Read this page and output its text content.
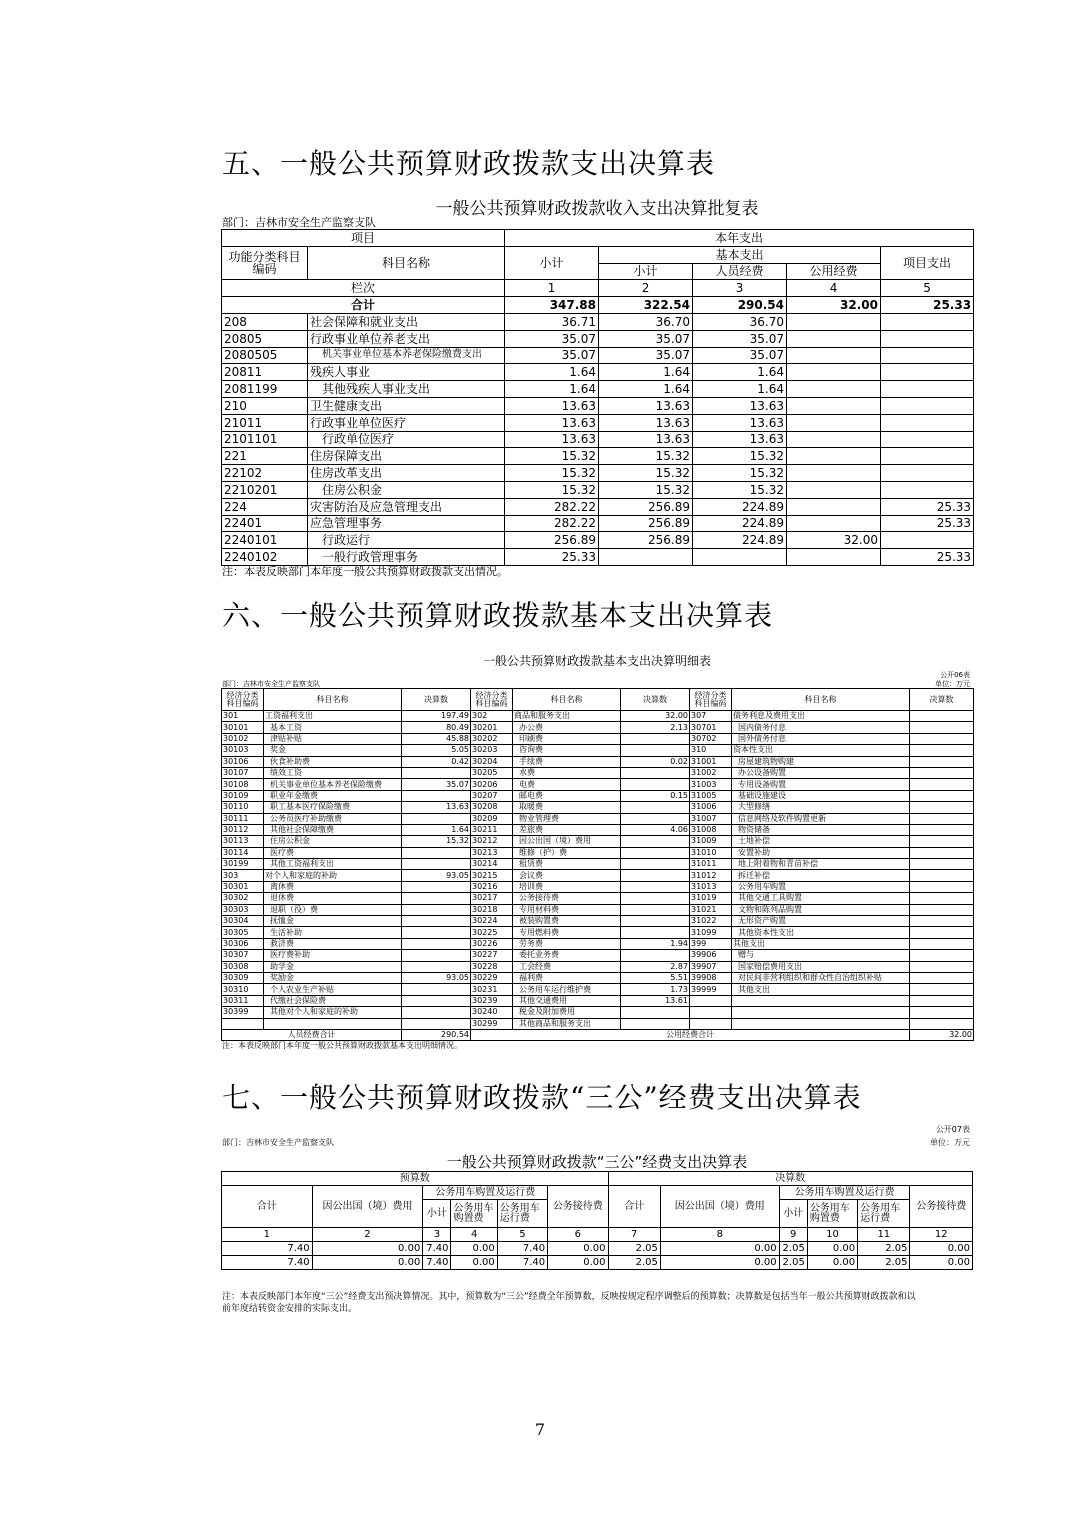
五、一般公共预算财政拨款支出决算表
一般公共预算财政拨款收入支出决算批复表
部门：吉林市安全生产监察支队
项目		本年支出				
功能分类科目编码	科目名称	小计	基本支出			项目支出
			小计	人员经费	公用经费	
栏次		1	2	3	4	5
合计		347.88	322.54	290.54	32.00	25.33
208	社会保障和就业支出	36.71	36.70	36.70		
20805	行政事业单位养老支出	35.07	35.07	35.07		
2080505	机关事业单位基本养老保险缴费支出	35.07	35.07	35.07		
20811	残疾人事业	1.64	1.64	1.64		
2081199	其他残疾人事业支出	1.64	1.64	1.64		
210	卫生健康支出	13.63	13.63	13.63		
21011	行政事业单位医疗	13.63	13.63	13.63		
2101101	行政单位医疗	13.63	13.63	13.63		
221	住房保障支出	15.32	15.32	15.32		
22102	住房改革支出	15.32	15.32	15.32		
2210201	住房公积金	15.32	15.32	15.32		
224	灾害防治及应急管理支出	282.22	256.89	224.89		25.33
22401	应急管理事务	282.22	256.89	224.89		25.33
2240101	行政运行	256.89	256.89	224.89	32.00	
2240102	一般行政管理事务	25.33				25.33
注：本表反映部门本年度一般公共预算财政拨款支出情况。
六、一般公共预算财政拨款基本支出决算表
一般公共预算财政拨款基本支出决算明细表
公开06表
单位：万元
部门：吉林市安全生产监察支队
经济分类科目编码	科目名称	决算数	经济分类科目编码	科目名称	决算数	经济分类科目编码	科目名称	决算数
301	工资福利支出	197.49	302	商品和服务支出	32.00	307	债务利息及费用支出	
30101	基本工资	80.49	30201	办公费	2.13	30701	国内债务付息	
30102	津贴补贴	45.88	30202	印刷费		30702	国外债务付息	
30103	奖金	5.05	30203	咨询费		310	资本性支出	
30106	伙食补助费	0.42	30204	手续费	0.02	31001	房屋建筑物购建	
30107	绩效工资		30205	水费		31002	办公设备购置	
30108	机关事业单位基本养老保险缴费	35.07	30206	电费		31003	专用设备购置	
30109	职业年金缴费		30207	邮电费	0.15	31005	基础设施建设	
30110	职工基本医疗保险缴费	13.63	30208	取暖费		31006	大型修缮	
30111	公务员医疗补助缴费		30209	物业管理费		31007	信息网络及软件购置更新	
30112	其他社会保障缴费	1.64	30211	差旅费	4.06	31008	物资储备	
30113	住房公积金	15.32	30212	因公出国（境）费用		31009	土地补偿	
30114	医疗费		30213	维修（护）费		31010	安置补助	
30199	其他工资福利支出		30214	租赁费		31011	地上附着物和青苗补偿	
303	对个人和家庭的补助	93.05	30215	会议费		31012	拆迁补偿	
30301	离休费		30216	培训费		31013	公务用车购置	
30302	退休费		30217	公务接待费		31019	其他交通工具购置	
30303	退职（役）费		30218	专用材料费		31021	文物和陈列品购置	
30304	抚恤金		30224	被装购置费		31022	无形资产购置	
30305	生活补助		30225	专用燃料费		31099	其他资本性支出	
30306	救济费		30226	劳务费	1.94	399	其他支出	
30307	医疗费补助		30227	委托业务费		39906	赠与	
30308	助学金		30228	工会经费	2.87	39907	国家赔偿费用支出	
30309	奖励金	93.05	30229	福利费	5.51	39908	对民间非营利组织和群众性自治组织补贴	
30310	个人农业生产补贴		30231	公务用车运行维护费	1.73	39999	其他支出	
30311	代缴社会保险费		30239	其他交通费用	13.61			
30399	其他对个人和家庭的补助		30240	税金及附加费用				
			30299	其他商品和服务支出				
人员经费合计		290.54	公用经费合计					32.00
注：本表反映部门本年度一般公共预算财政拨款基本支出明细情况。
七、一般公共预算财政拨款“三公”经费支出决算表
公开07表
部门：吉林市安全生产监察支队	单位：万元
一般公共预算财政拨款“三公”经费支出决算表
预算数						决算数					
合计	因公出国（境）费用	公务用车购置及运行费			公务接待费	合计	因公出国（境）费用	公务用车购置及运行费			公务接待费
		小计	公务用车购置费	公务用车运行费				小计	公务用车购置费	公务用车运行费	
1	2	3	4	5	6	7	8	9	10	11	12
7.40	0.00	7.40	0.00	7.40	0.00	2.05	0.00	2.05	0.00	2.05	0.00
7.40	0.00	7.40	0.00	7.40	0.00	2.05	0.00	2.05	0.00	2.05	0.00
注：本表反映部门本年度“三公”经费支出预决算情况。其中，预算数为“三公”经费全年预算数，反映按规定程序调整后的预算数；决算数是包括当年一般公共预算财政拨款和以
前年度结转资金安排的实际支出。
7
